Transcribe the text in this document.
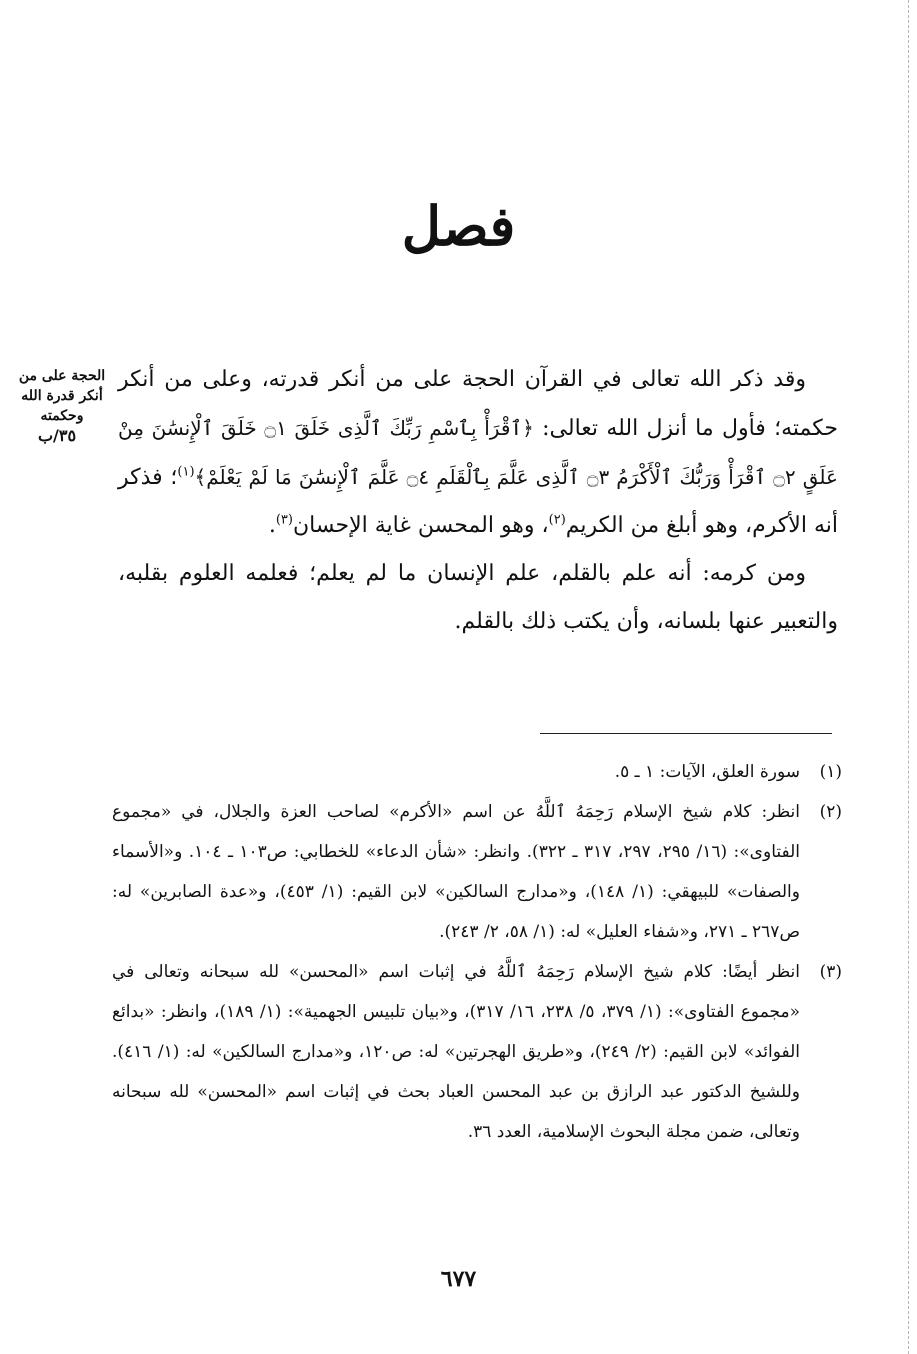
فصل
الحجة على من أنكر قدرة الله وحكمته
٣٥/ب

وقد ذكر الله تعالى في القرآن الحجة على من أنكر قدرته، وعلى من أنكر حكمته؛ فأول ما أنزل الله تعالى: ﴿ٱقْرَأْ بِٱسْمِ رَبِّكَ ٱلَّذِى خَلَقَ ۝١ خَلَقَ ٱلْإِنسَٰنَ مِنْ عَلَقٍ ۝٢ ٱقْرَأْ وَرَبُّكَ ٱلْأَكْرَمُ ۝٣ ٱلَّذِى عَلَّمَ بِٱلْقَلَمِ ۝٤ عَلَّمَ ٱلْإِنسَٰنَ مَا لَمْ يَعْلَمْ﴾$^{(١)}$؛ فذكر أنه الأكرم، وهو أبلغ من الكريم$^{(٢)}$، وهو المحسن غاية الإحسان$^{(٣)}$.

ومن كرمه: أنه علم بالقلم، علم الإنسان ما لم يعلم؛ فعلمه العلوم بقلبه، والتعبير عنها بلسانه، وأن يكتب ذلك بالقلم.

(١)
سورة العلق، الآيات: ١ ـ ٥.
(٢)
انظر: كلام شيخ الإسلام رَحِمَهُ ٱللَّهُ عن اسم «الأكرم» لصاحب العزة والجلال، في «مجموع الفتاوى»: (١٦/ ٢٩٥، ٢٩٧، ٣١٧ ـ ٣٢٢). وانظر: «شأن الدعاء» للخطابي: ص١٠٣ ـ ١٠٤. و«الأسماء والصفات» للبيهقي: (١/ ١٤٨)، و«مدارج السالكين» لابن القيم: (١/ ٤٥٣)، و«عدة الصابرين» له: ص٢٦٧ ـ ٢٧١، و«شفاء العليل» له: (١/ ٥٨، ٢/ ٢٤٣).
(٣)
انظر أيضًا: كلام شيخ الإسلام رَحِمَهُ ٱللَّهُ في إثبات اسم «المحسن» لله سبحانه وتعالى في «مجموع الفتاوى»: (١/ ٣٧٩، ٥/ ٢٣٨، ١٦/ ٣١٧)، و«بيان تلبيس الجهمية»: (١/ ١٨٩)، وانظر: «بدائع الفوائد» لابن القيم: (٢/ ٢٤٩)، و«طريق الهجرتين» له: ص١٢٠، و«مدارج السالكين» له: (١/ ٤١٦). وللشيخ الدكتور عبد الرازق بن عبد المحسن العباد بحث في إثبات اسم «المحسن» لله سبحانه وتعالى، ضمن مجلة البحوث الإسلامية، العدد ٣٦.
٦٧٧
